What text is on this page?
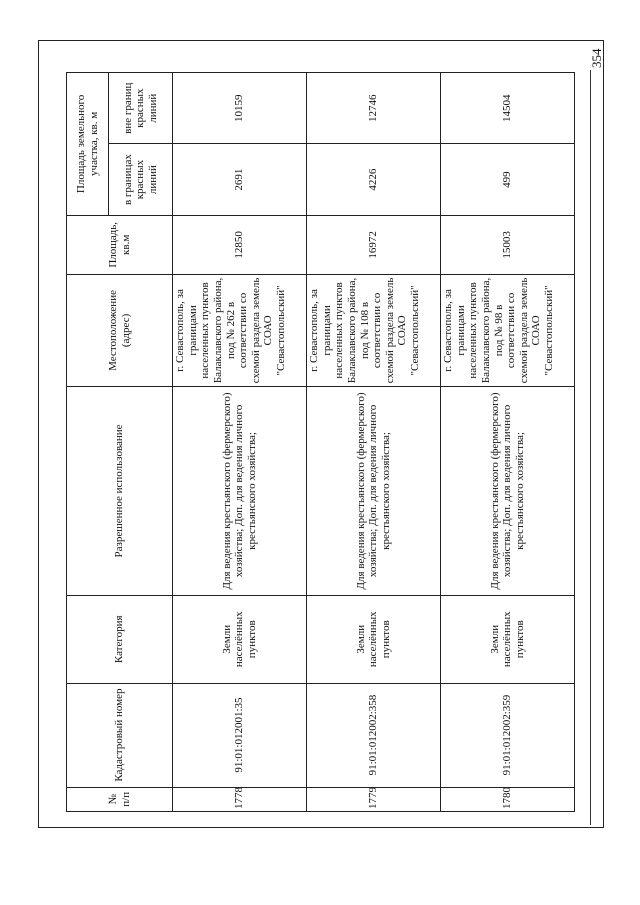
354
№ п/п	Кадастровый номер	Категория	Разрешенное использование	Местоположение (адрес)	Площадь, кв.м	Площадь земельного участка, кв. м	
						в границах красных линий	вне границ красных линий
1778	91:01:012001:35	Земли населённых пунктов	Для ведения крестьянского (фермерского) хозяйства; Доп. для ведения личного крестьянского хозяйства;	г. Севастополь, за границами населенных пунктов Балаклавского района, под № 262 в соответствии со схемой раздела земель СОАО "Севастопольский"	12850	2691	10159
1779	91:01:012002:358	Земли населённых пунктов	Для ведения крестьянского (фермерского) хозяйства; Доп. для ведения личного крестьянского хозяйства;	г. Севастополь, за границами населенных пунктов Балаклавского района, под № 108 в соответствии со схемой раздела земель СОАО "Севастопольский"	16972	4226	12746
1780	91:01:012002:359	Земли населённых пунктов	Для ведения крестьянского (фермерского) хозяйства; Доп. для ведения личного крестьянского хозяйства;	г. Севастополь, за границами населенных пунктов Балаклавского района, под № 98 в соответствии со схемой раздела земель СОАО "Севастопольский"	15003	499	14504
